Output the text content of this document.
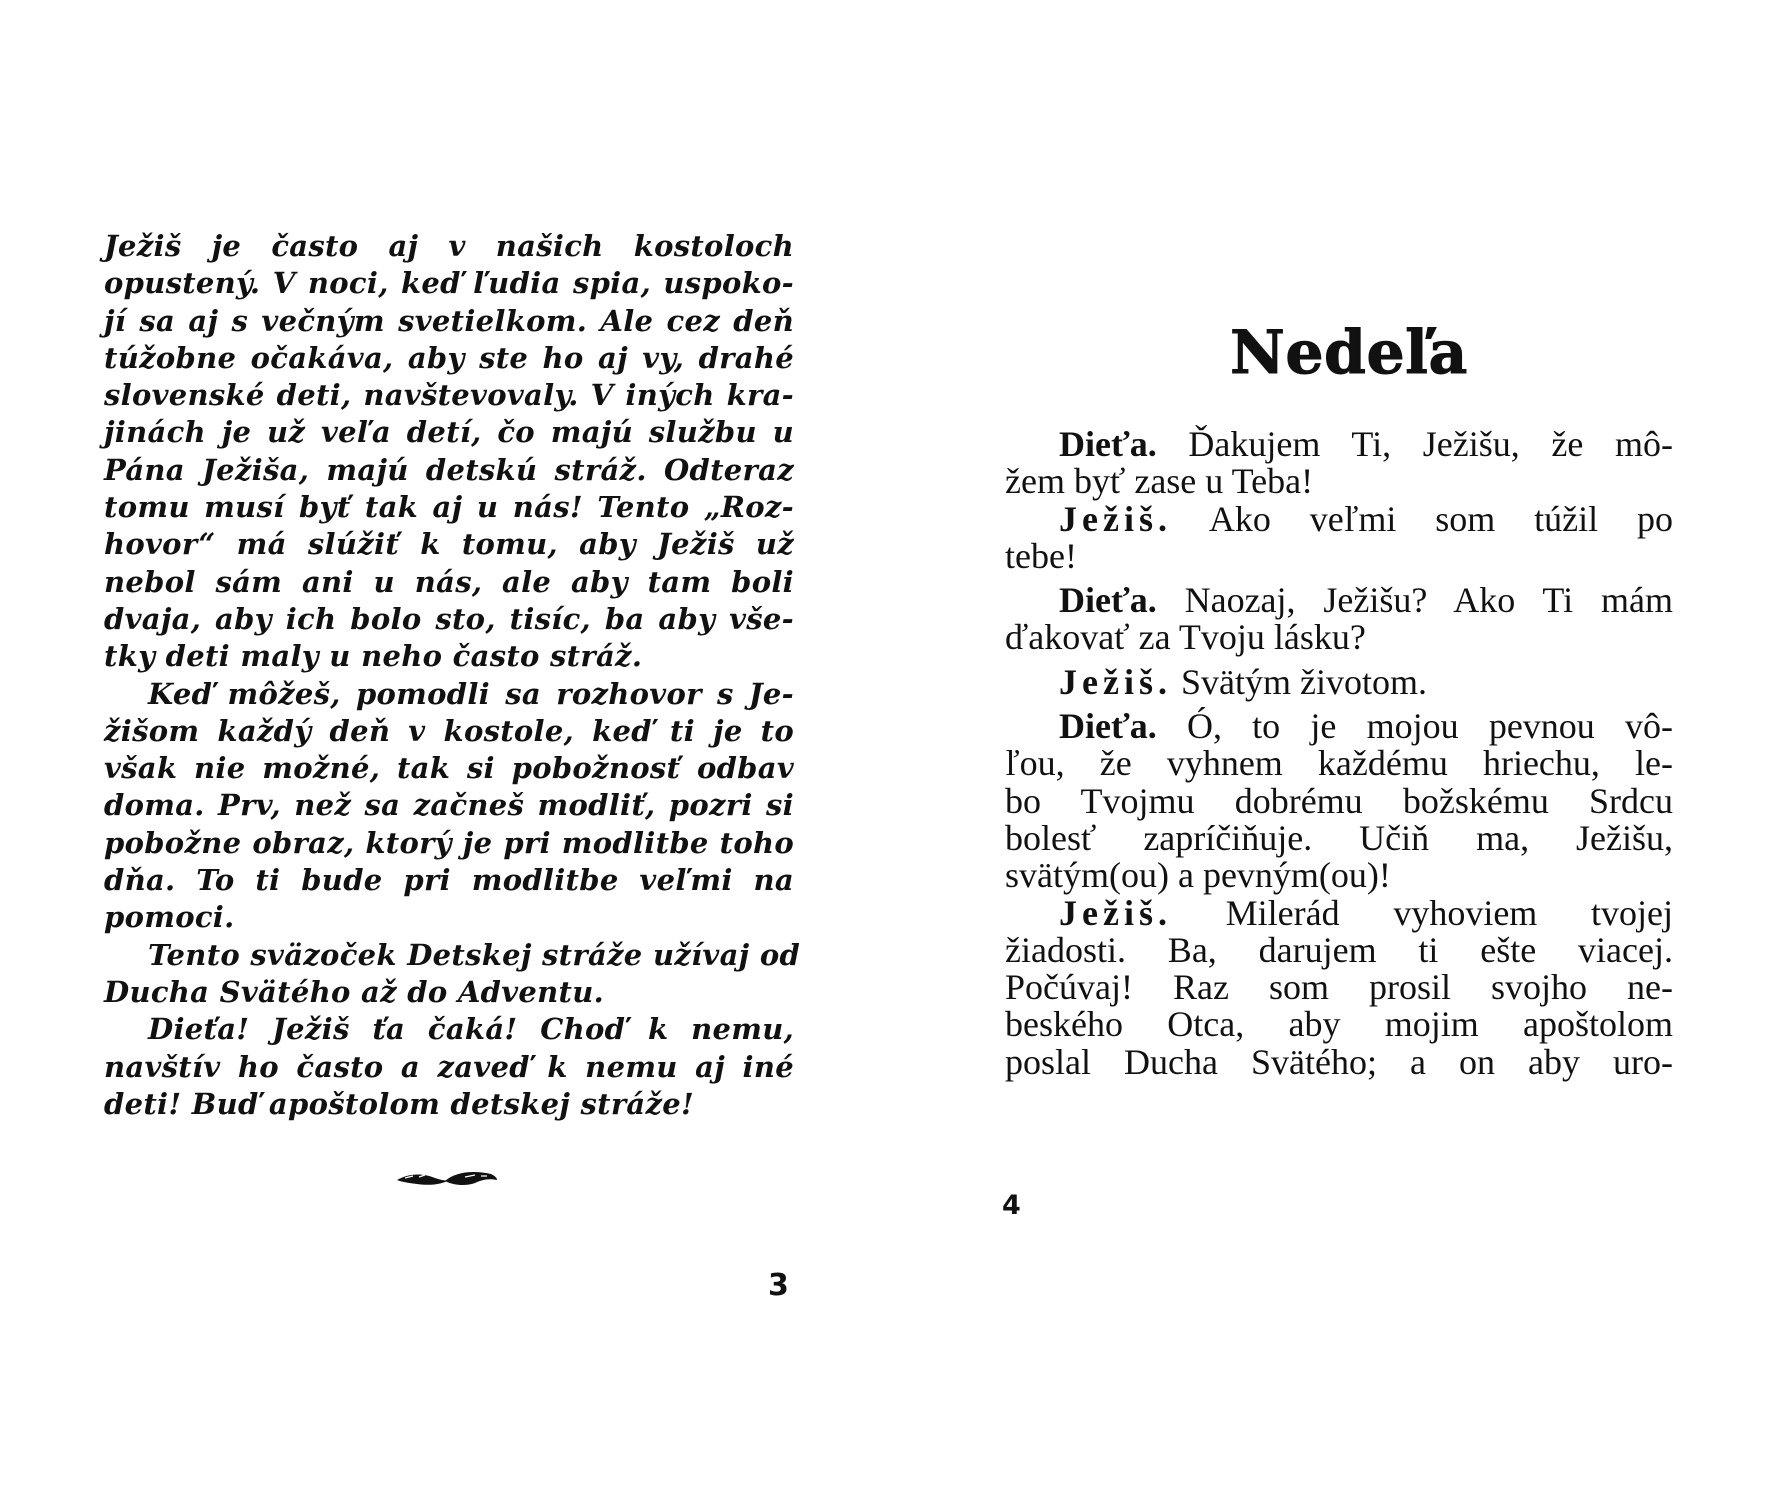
Ježiš je často aj v našich kostoloch
opustený. V noci, keď ľudia spia, uspoko-
jí sa aj s večným svetielkom. Ale cez deň
túžobne očakáva, aby ste ho aj vy, drahé
slovenské deti, navštevovaly. V iných kra-
jinách je už veľa detí, čo majú službu u
Pána Ježiša, majú detskú stráž. Odteraz
tomu musí byť tak aj u nás! Tento „Roz-
hovor“ má slúžiť k tomu, aby Ježiš už
nebol sám ani u nás, ale aby tam boli
dvaja, aby ich bolo sto, tisíc, ba aby vše-
tky deti maly u neho často stráž.
Keď môžeš, pomodli sa rozhovor s Je-
žišom každý deň v kostole, keď ti je to
však nie možné, tak si pobožnosť odbav
doma. Prv, než sa začneš modliť, pozri si
pobožne obraz, ktorý je pri modlitbe toho
dňa. To ti bude pri modlitbe veľmi na
pomoci.
Tento sväzoček Detskej stráže užívaj od
Ducha Svätého až do Adventu.
Dieťa! Ježiš ťa čaká! Choď k nemu,
navštív ho často a zaveď k nemu aj iné
deti! Buď apoštolom detskej stráže!
3
Nedeľa
Dieťa. Ďakujem Ti, Ježišu, že mô-
žem byť zase u Teba!
Ježiš. Ako veľmi som túžil po
tebe!
Dieťa. Naozaj, Ježišu? Ako Ti mám
ďakovať za Tvoju lásku?
Ježiš. Svätým životom.
Dieťa. Ó, to je mojou pevnou vô-
ľou, že vyhnem každému hriechu, le-
bo Tvojmu dobrému božskému Srdcu
bolesť zapríčiňuje. Učiň ma, Ježišu,
svätým(ou) a pevným(ou)!
Ježiš. Milerád vyhoviem tvojej
žiadosti. Ba, darujem ti ešte viacej.
Počúvaj! Raz som prosil svojho ne-
beského Otca, aby mojim apoštolom
poslal Ducha Svätého; a on aby uro-
4
